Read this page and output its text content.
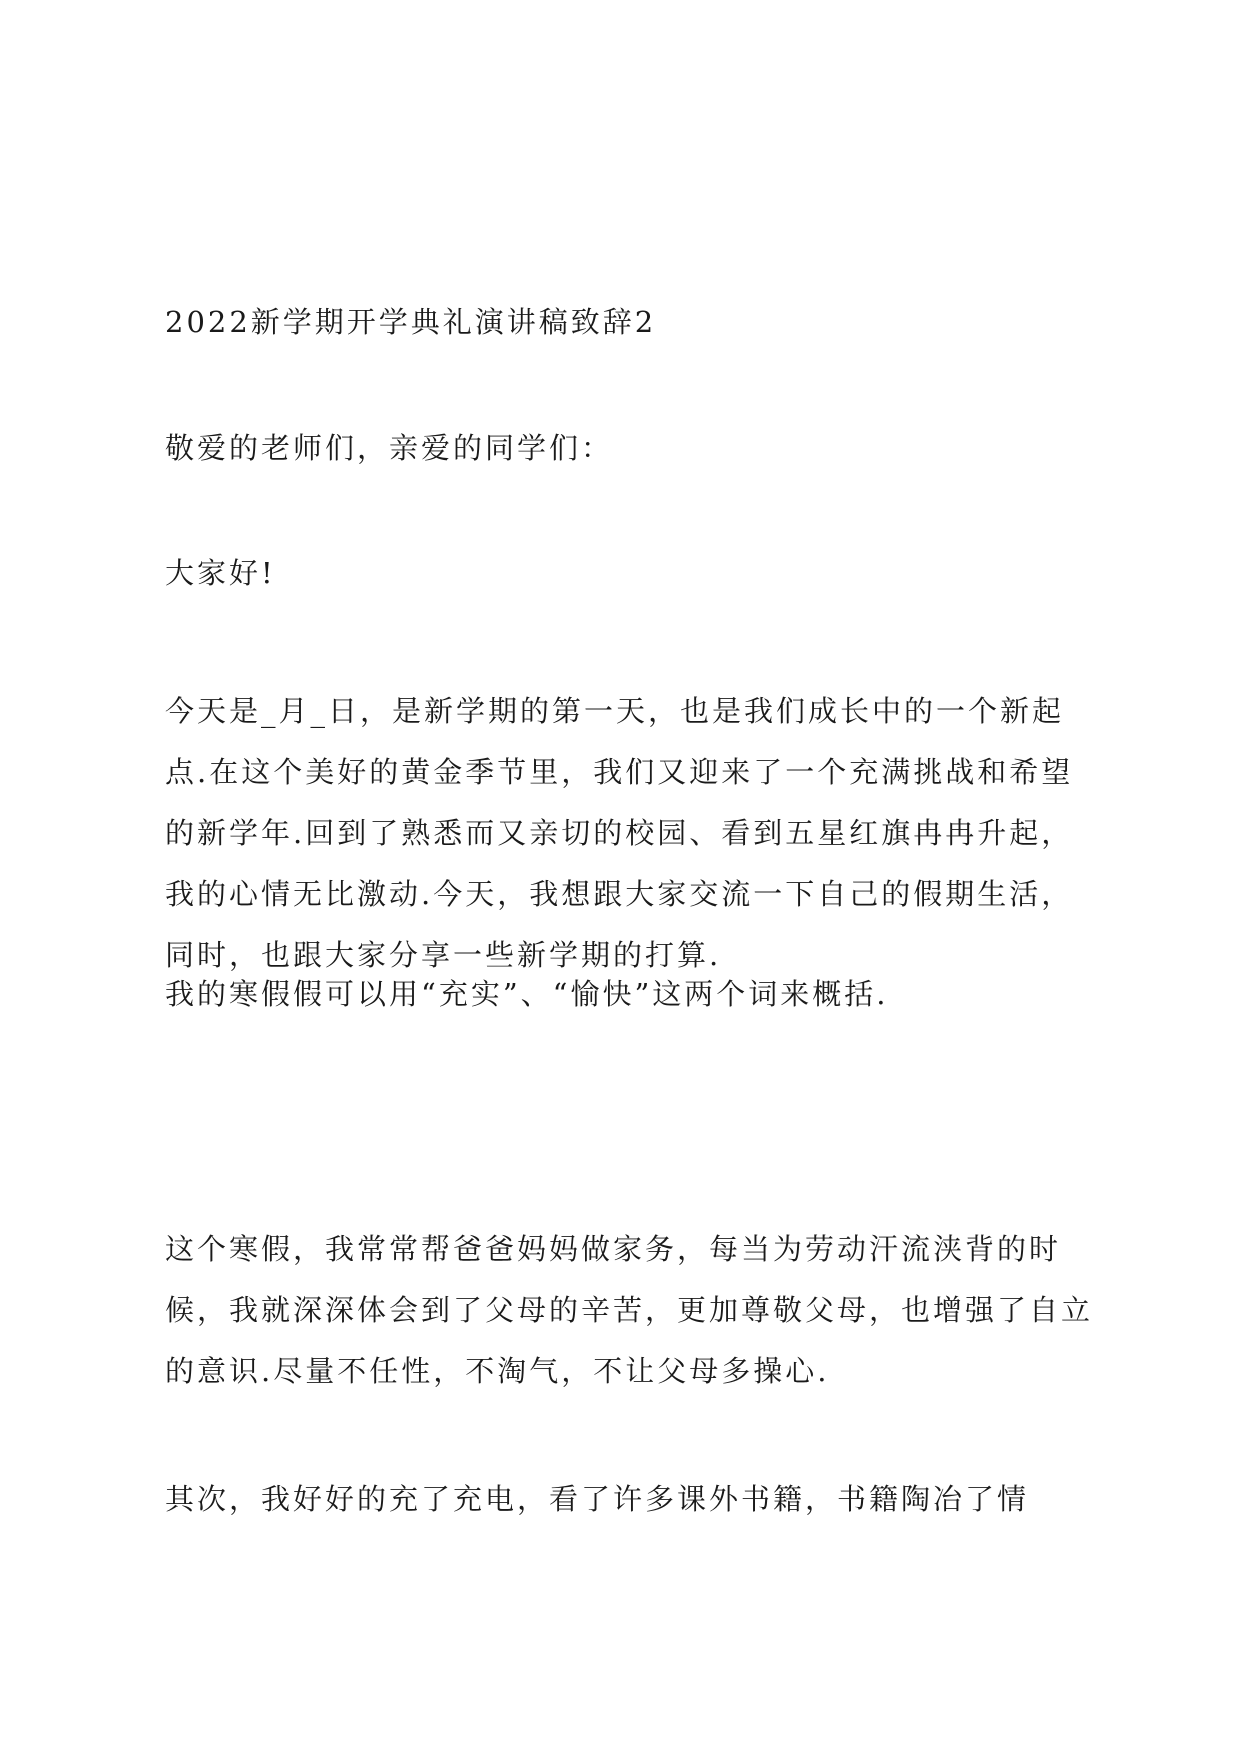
2022新学期开学典礼演讲稿致辞2

敬爱的老师们，亲爱的同学们：

大家好!

今天是_月_日，是新学期的第一天，也是我们成长中的一个新起点.在这个美好的黄金季节里，我们又迎来了一个充满挑战和希望的新学年.回到了熟悉而又亲切的校园、看到五星红旗冉冉升起，我的心情无比激动.今天，我想跟大家交流一下自己的假期生活，同时，也跟大家分享一些新学期的打算.

我的寒假假可以用“充实”、“愉快”这两个词来概括.

这个寒假，我常常帮爸爸妈妈做家务，每当为劳动汗流浃背的时候，我就深深体会到了父母的辛苦，更加尊敬父母，也增强了自立的意识.尽量不任性，不淘气，不让父母多操心.

其次，我好好的充了充电，看了许多课外书籍，书籍陶冶了情
